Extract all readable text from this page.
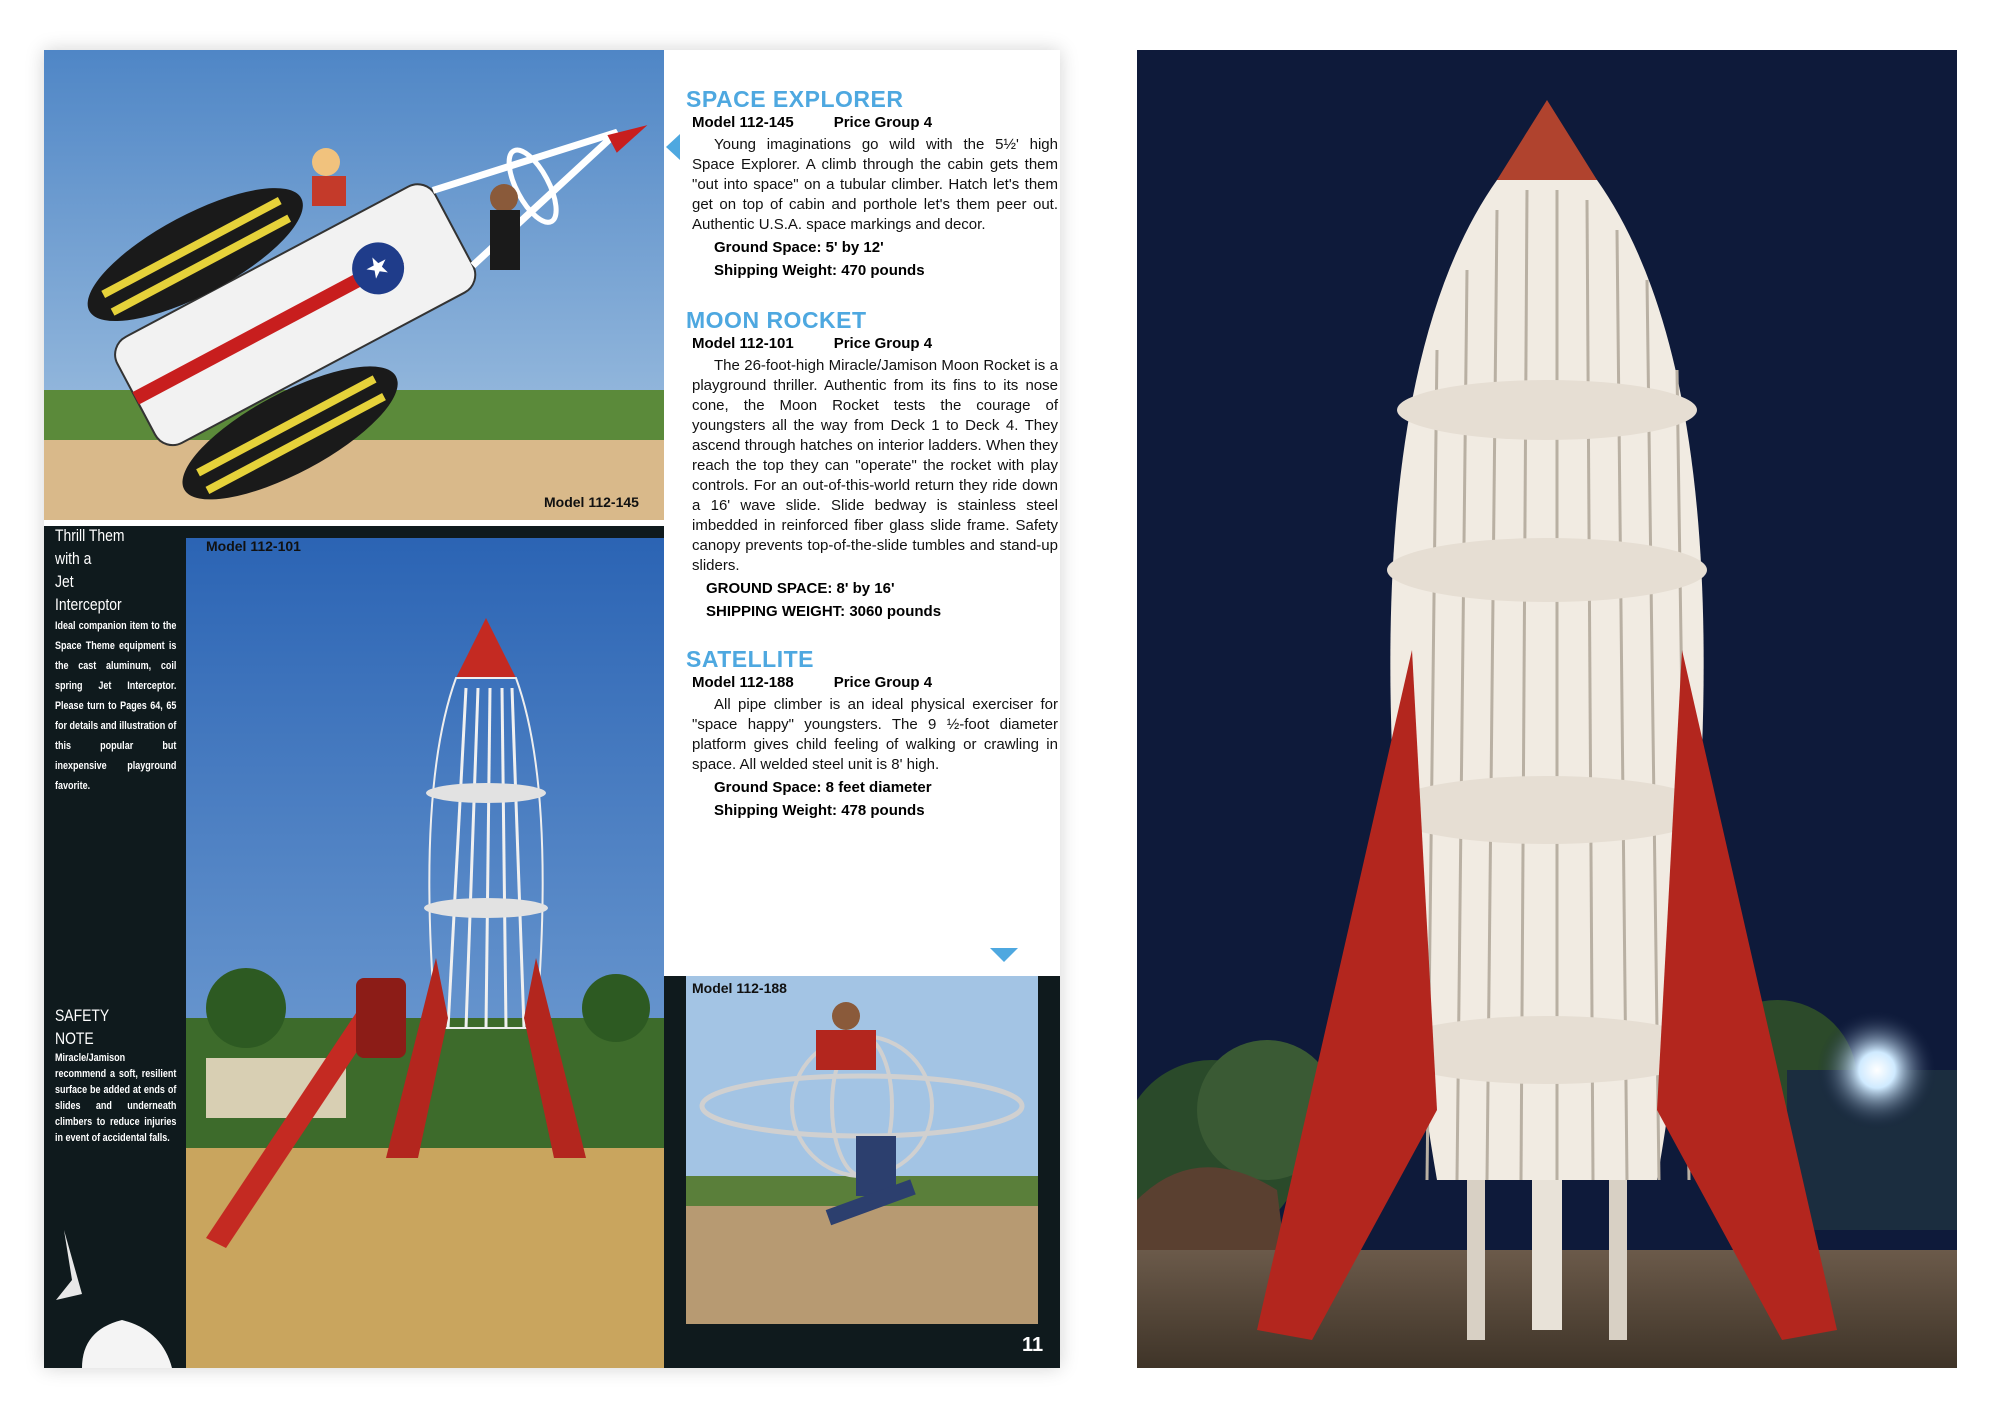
★
Model 112-145
Model 112-101
Thrill Them
with a
Jet
Interceptor
Ideal companion item to the Space Theme equipment is the cast aluminum, coil spring Jet Interceptor. Please turn to Pages 64, 65 for details and illustration of this popular but inexpensive playground favorite.
SAFETY
NOTE
Miracle/Jamison recommend a soft, resilient surface be added at ends of slides and underneath climbers to reduce injuries in event of accidental falls.
SPACE EXPLORER
Model 112-145	Price Group 4
Young imaginations go wild with the 5½' high Space Explorer. A climb through the cabin gets them "out into space" on a tubular climber. Hatch let's them get on top of cabin and porthole let's them peer out. Authentic U.S.A. space markings and decor.
Ground Space: 5' by 12'
Shipping Weight: 470 pounds
MOON ROCKET
Model 112-101	Price Group 4
The 26-foot-high Miracle/Jamison Moon Rocket is a playground thriller. Authentic from its fins to its nose cone, the Moon Rocket tests the courage of youngsters all the way from Deck 1 to Deck 4. They ascend through hatches on interior ladders. When they reach the top they can "operate" the rocket with play controls. For an out-of-this-world return they ride down a 16' wave slide. Slide bedway is stainless steel imbedded in reinforced fiber glass slide frame. Safety canopy prevents top-of-the-slide tumbles and stand-up sliders.
GROUND SPACE: 8' by 16'
SHIPPING WEIGHT: 3060 pounds
SATELLITE
Model 112-188	Price Group 4
All pipe climber is an ideal physical exerciser for "space happy" youngsters. The 9 ½-foot diameter platform gives child feeling of walking or crawling in space. All welded steel unit is 8' high.
Ground Space: 8 feet diameter
Shipping Weight: 478 pounds
Model 112-188
11
